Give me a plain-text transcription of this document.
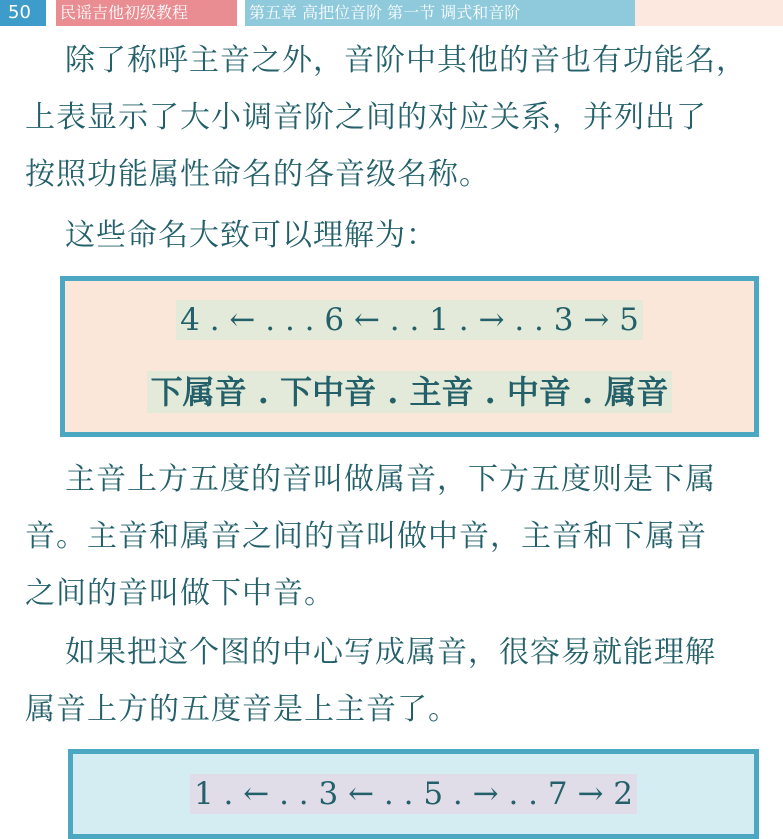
50	民谣吉他初级教程	第五章 高把位音阶 第一节 调式和音阶

除了称呼主音之外，音阶中其他的音也有功能名，

上表显示了大小调音阶之间的对应关系，并列出了

按照功能属性命名的各音级名称。

这些命名大致可以理解为：

4 . ← . . . 6 ← . . 1 . → . . 3 → 5
下属音 . 下中音 . 主音 . 中音 . 属音

主音上方五度的音叫做属音，下方五度则是下属

音。主音和属音之间的音叫做中音，主音和下属音

之间的音叫做下中音。

如果把这个图的中心写成属音，很容易就能理解

属音上方的五度音是上主音了。

1 . ← . . 3 ← . . 5 . → . . 7 → 2
